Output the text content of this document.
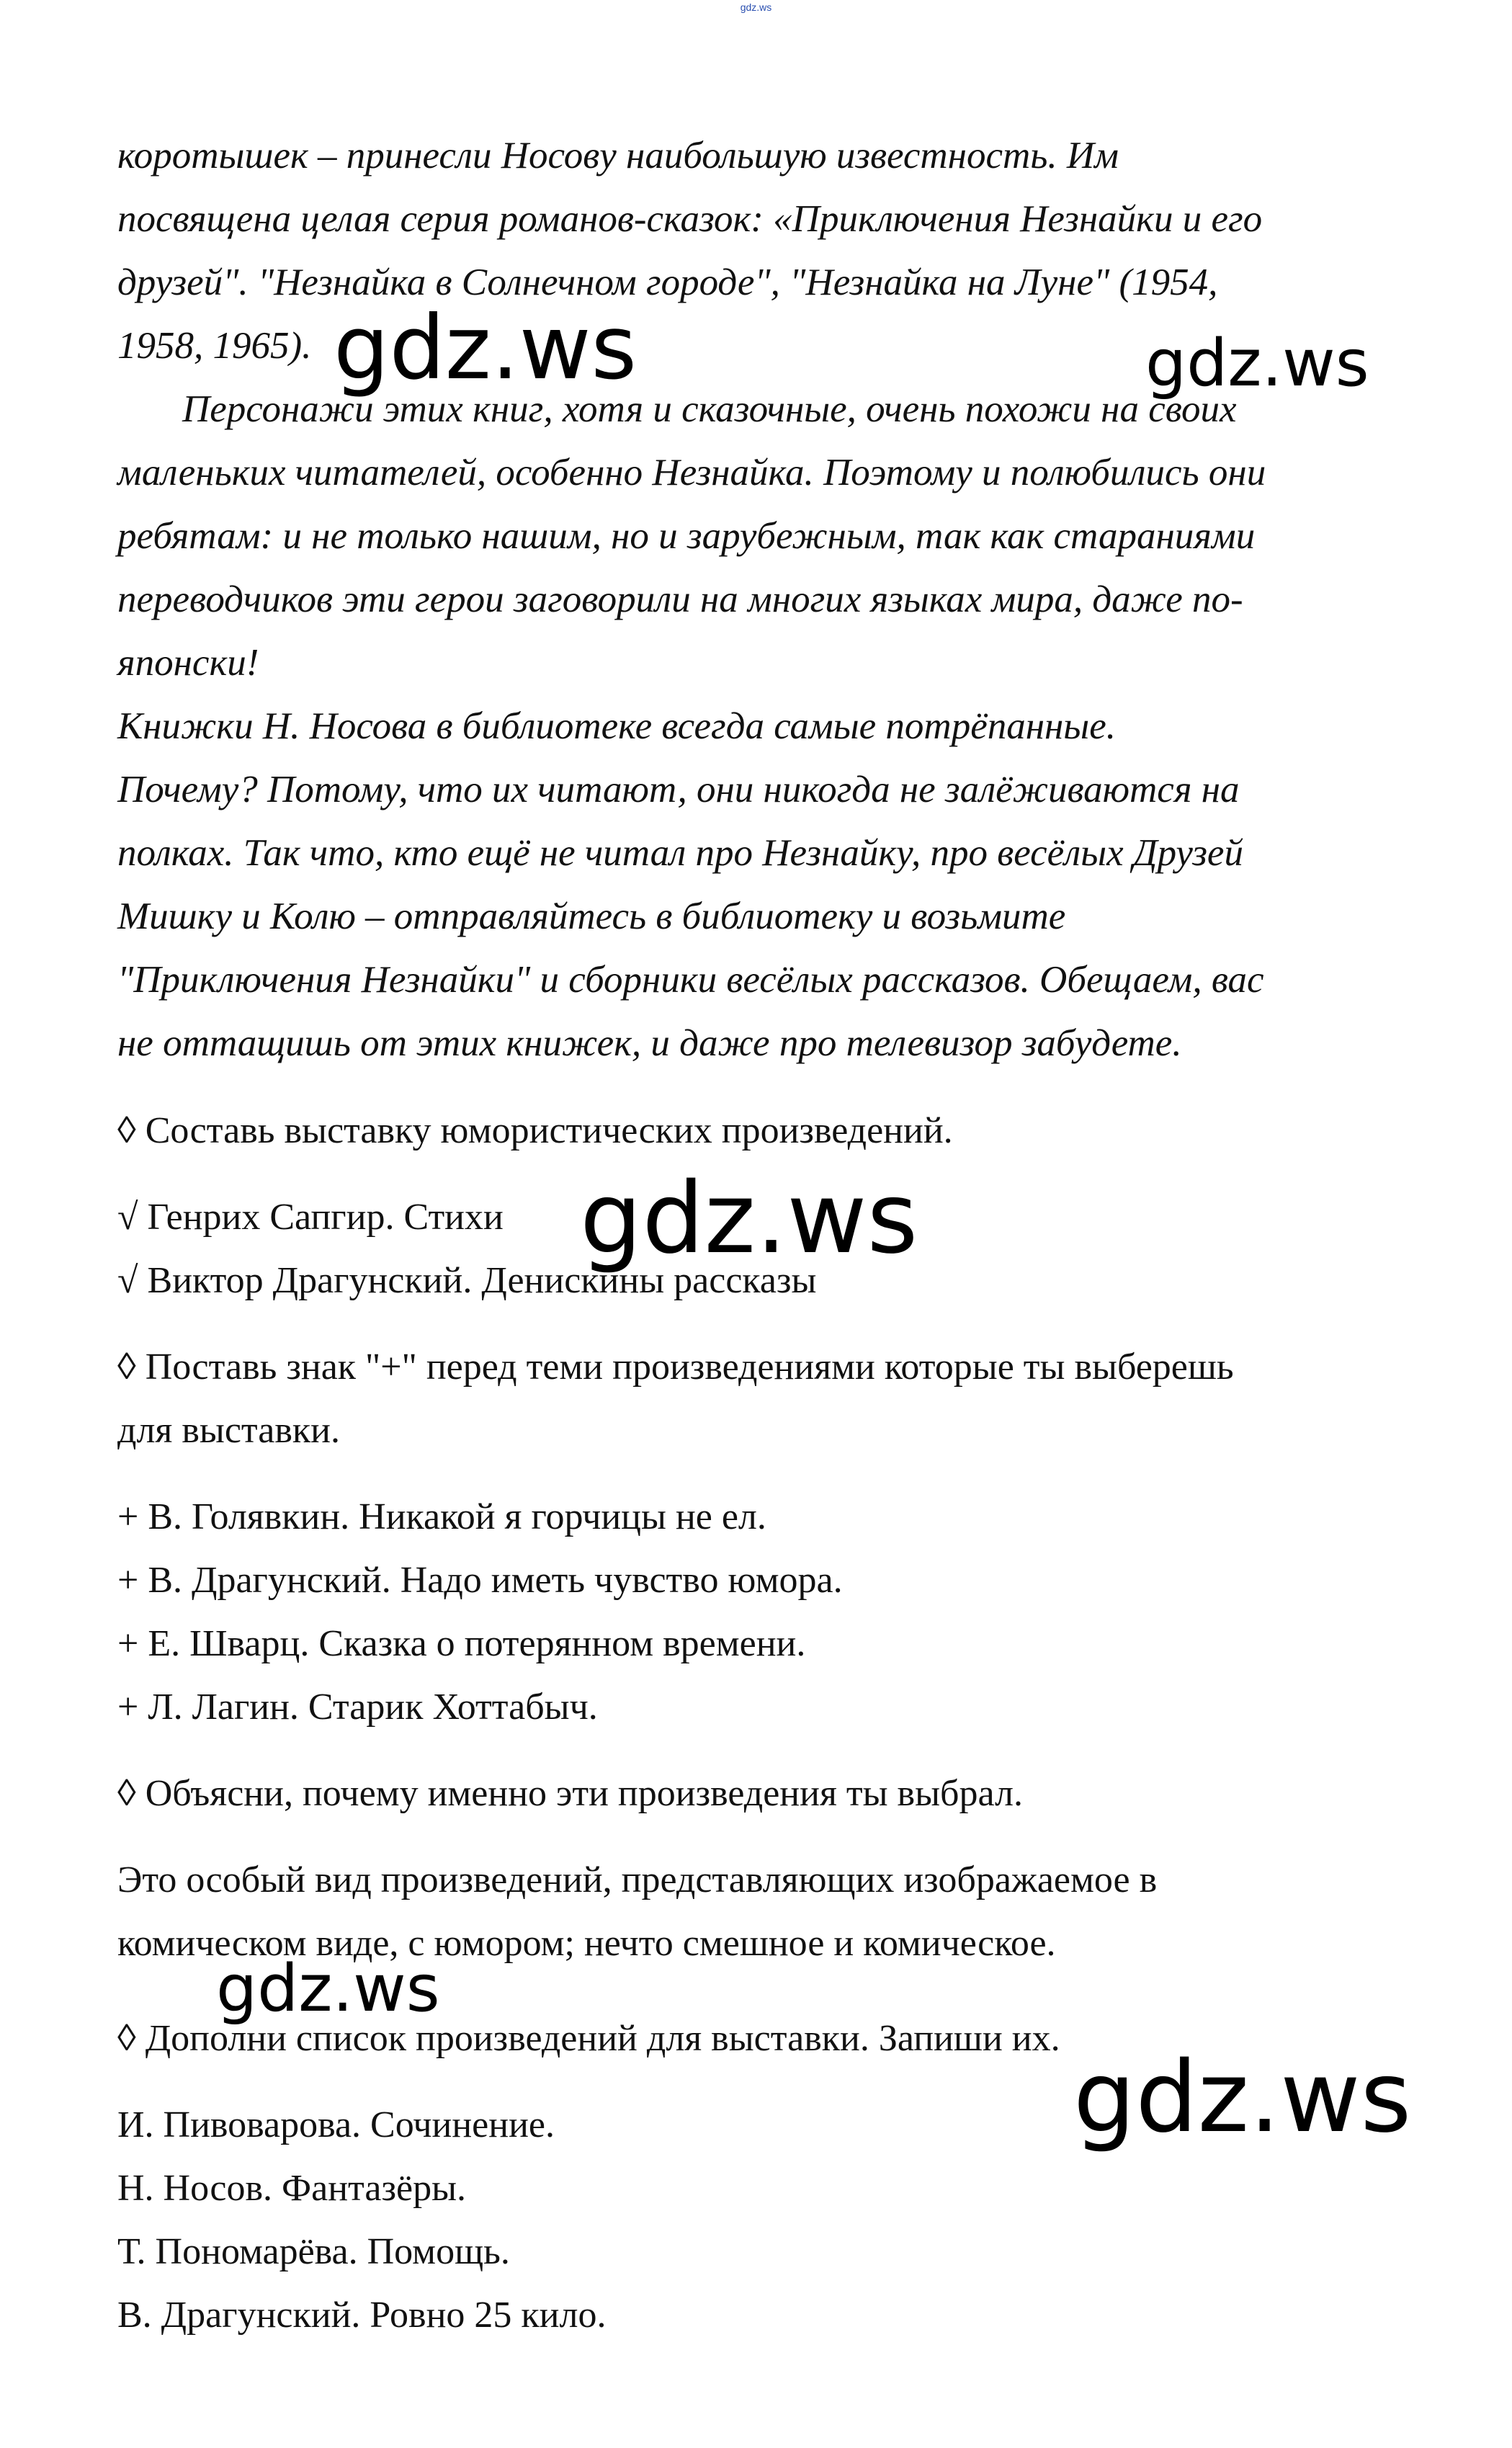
gdz.ws
коротышек – принесли Носову наибольшую известность. Им
посвящена целая серия романов-сказок: «Приключения Незнайки и его
друзей". "Незнайка в Солнечном городе", "Незнайка на Луне" (1954,
1958, 1965).
Персонажи этих книг, хотя и сказочные, очень похожи на своих
маленьких читателей, особенно Незнайка. Поэтому и полюбились они
ребятам: и не только нашим, но и зарубежным, так как стараниями
переводчиков эти герои заговорили на многих языках мира, даже по-
японски!
Книжки Н. Носова в библиотеке всегда самые потрёпанные.
Почему? Потому, что их читают, они никогда не залёживаются на
полках. Так что, кто ещё не читал про Незнайку, про весёлых Друзей
Мишку и Колю – отправляйтесь в библиотеку и возьмите
"Приключения Незнайки" и сборники весёлых рассказов. Обещаем, вас
не оттащишь от этих книжек, и даже про телевизор забудете.
◊ Составь выставку юмористических произведений.
√ Генрих Сапгир. Стихи
√ Виктор Драгунский. Денискины рассказы
◊ Поставь знак "+" перед теми произведениями которые ты выберешь
для выставки.
+ В. Голявкин. Никакой я горчицы не ел.
+ В. Драгунский. Надо иметь чувство юмора.
+ Е. Шварц. Сказка о потерянном времени.
+ Л. Лагин. Старик Хоттабыч.
◊ Объясни, почему именно эти произведения ты выбрал.
Это особый вид произведений, представляющих изображаемое в
комическом виде, с юмором; нечто смешное и комическое.
◊ Дополни список произведений для выставки. Запиши их.
И. Пивоварова. Сочинение.
Н. Носов. Фантазёры.
Т. Пономарёва. Помощь.
В. Драгунский. Ровно 25 кило.
gdz.ws	gdz.ws
gdz.ws
gdz.ws
gdz.ws
